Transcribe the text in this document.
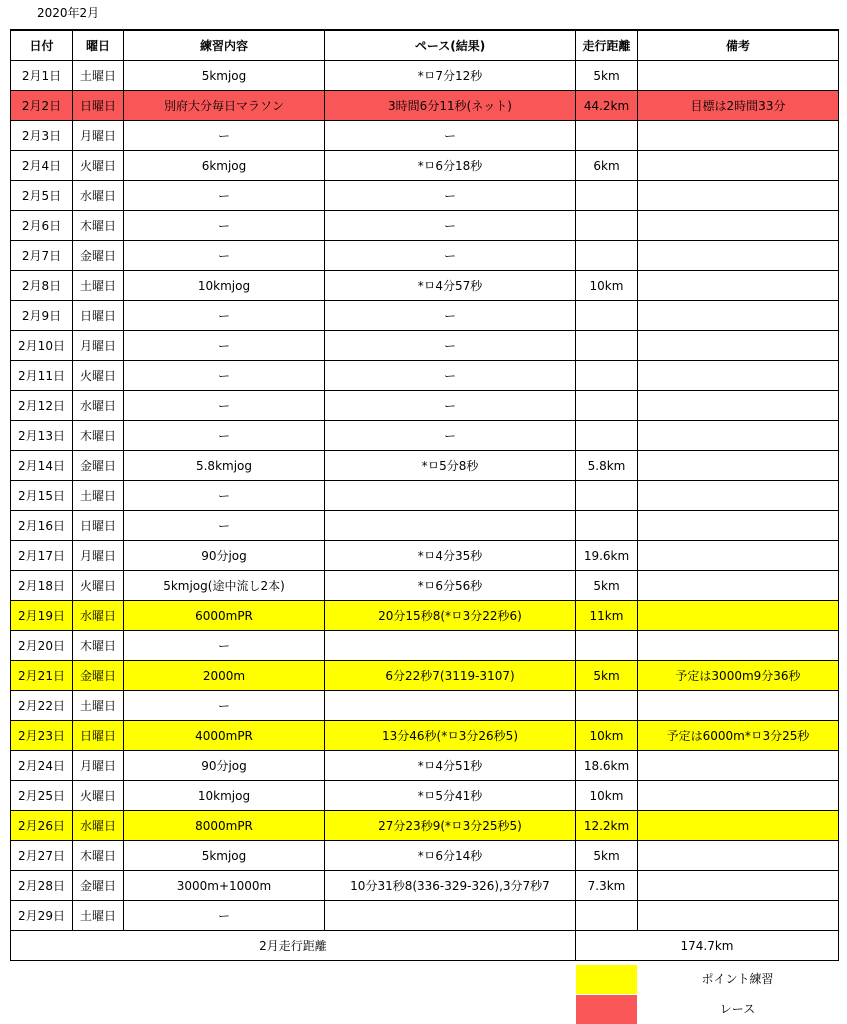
2020年2月
日付	曜日	練習内容	ペース(結果)	走行距離	備考
2月1日	土曜日	5kmjog	*ㅁ7分12秒	5km	
2月2日	日曜日	別府大分毎日マラソン	3時間6分11秒(ネット)	44.2km	目標は2時間33分
2月3日	月曜日	ー	ー		
2月4日	火曜日	6kmjog	*ㅁ6分18秒	6km	
2月5日	水曜日	ー	ー		
2月6日	木曜日	ー	ー		
2月7日	金曜日	ー	ー		
2月8日	土曜日	10kmjog	*ㅁ4分57秒	10km	
2月9日	日曜日	ー	ー		
2月10日	月曜日	ー	ー		
2月11日	火曜日	ー	ー		
2月12日	水曜日	ー	ー		
2月13日	木曜日	ー	ー		
2月14日	金曜日	5.8kmjog	*ㅁ5分8秒	5.8km	
2月15日	土曜日	ー			
2月16日	日曜日	ー			
2月17日	月曜日	90分jog	*ㅁ4分35秒	19.6km	
2月18日	火曜日	5kmjog(途中流し2本)	*ㅁ6分56秒	5km	
2月19日	水曜日	6000mPR	20分15秒8(*ㅁ3分22秒6)	11km	
2月20日	木曜日	ー			
2月21日	金曜日	2000m	6分22秒7(3119-3107)	5km	予定は3000m9分36秒
2月22日	土曜日	ー			
2月23日	日曜日	4000mPR	13分46秒(*ㅁ3分26秒5)	10km	予定は6000m*ㅁ3分25秒
2月24日	月曜日	90分jog	*ㅁ4分51秒	18.6km	
2月25日	火曜日	10kmjog	*ㅁ5分41秒	10km	
2月26日	水曜日	8000mPR	27分23秒9(*ㅁ3分25秒5)	12.2km	
2月27日	木曜日	5kmjog	*ㅁ6分14秒	5km	
2月28日	金曜日	3000m+1000m	10分31秒8(336-329-326),3分7秒7	7.3km	
2月29日	土曜日	ー			
2月走行距離				174.7km	
ポイント練習
レース
